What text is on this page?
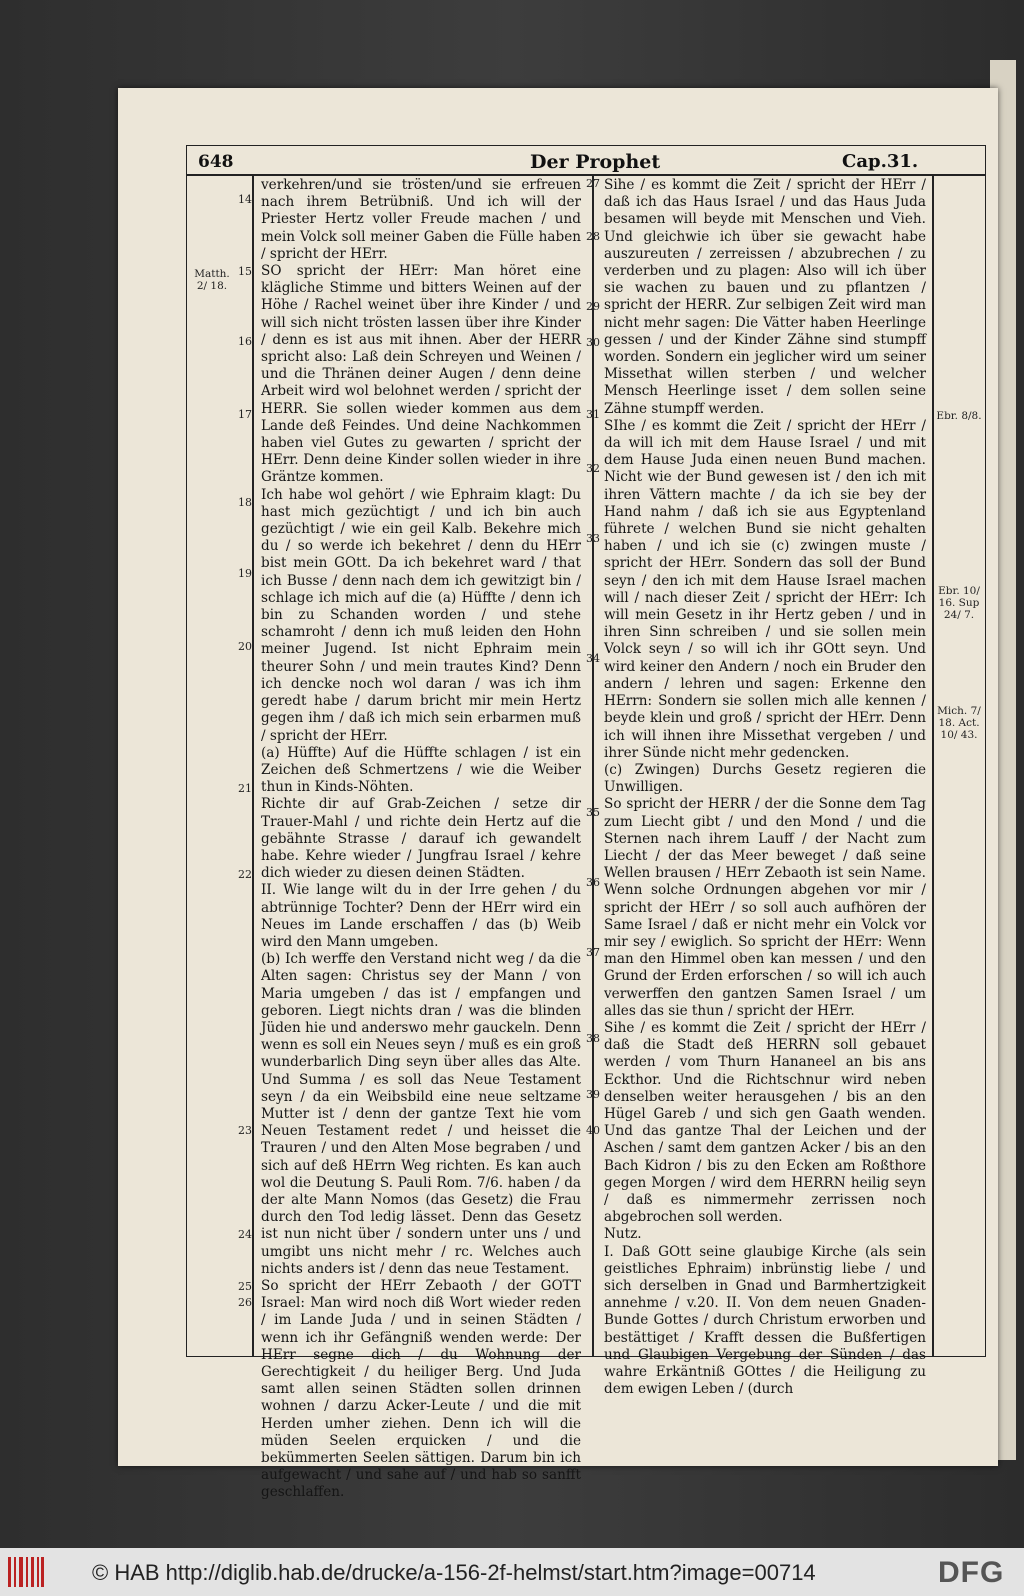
648	Der Prophet	Cap.31.
verkehren/und sie trösten/und sie erfreuen nach ihrem Betrübniß. Und ich will der Priester Hertz voller Freude machen / und mein Volck soll meiner Gaben die Fülle haben / spricht der HErr.
SO spricht der HErr: Man höret eine klägliche Stimme und bitters Weinen auf der Höhe / Rachel weinet über ihre Kinder / und will sich nicht trösten lassen über ihre Kinder / denn es ist aus mit ihnen. Aber der HERR spricht also: Laß dein Schreyen und Weinen / und die Thränen deiner Augen / denn deine Arbeit wird wol belohnet werden / spricht der HERR. Sie sollen wieder kommen aus dem Lande deß Feindes. Und deine Nachkommen haben viel Gutes zu gewarten / spricht der HErr. Denn deine Kinder sollen wieder in ihre Gräntze kommen.
Ich habe wol gehört / wie Ephraim klagt: Du hast mich gezüchtigt / und ich bin auch gezüchtigt / wie ein geil Kalb. Bekehre mich du / so werde ich bekehret / denn du HErr bist mein GOtt. Da ich bekehret ward / that ich Busse / denn nach dem ich gewitzigt bin / schlage ich mich auf die (a) Hüffte / denn ich bin zu Schanden worden / und stehe schamroht / denn ich muß leiden den Hohn meiner Jugend. Ist nicht Ephraim mein theurer Sohn / und mein trautes Kind? Denn ich dencke noch wol daran / was ich ihm geredt habe / darum bricht mir mein Hertz gegen ihm / daß ich mich sein erbarmen muß / spricht der HErr.
(a) Hüffte) Auf die Hüffte schlagen / ist ein Zeichen deß Schmertzens / wie die Weiber thun in Kinds-Nöhten.
Richte dir auf Grab-Zeichen / setze dir Trauer-Mahl / und richte dein Hertz auf die gebähnte Strasse / darauf ich gewandelt habe. Kehre wieder / Jungfrau Israel / kehre dich wieder zu diesen deinen Städten.
II. Wie lange wilt du in der Irre gehen / du abtrünnige Tochter? Denn der HErr wird ein Neues im Lande erschaffen / das (b) Weib wird den Mann umgeben.
(b) Ich werffe den Verstand nicht weg / da die Alten sagen: Christus sey der Mann / von Maria umgeben / das ist / empfangen und geboren. Liegt nichts dran / was die blinden Jüden hie und anderswo mehr gauckeln. Denn wenn es soll ein Neues seyn / muß es ein groß wunderbarlich Ding seyn über alles das Alte. Und Summa / es soll das Neue Testament seyn / da ein Weibsbild eine neue seltzame Mutter ist / denn der gantze Text hie vom Neuen Testament redet / und heisset die Trauren / und den Alten Mose begraben / und sich auf deß HErrn Weg richten. Es kan auch wol die Deutung S. Pauli Rom. 7/6. haben / da der alte Mann Nomos (das Gesetz) die Frau durch den Tod ledig lässet. Denn das Gesetz ist nun nicht über / sondern unter uns / und umgibt uns nicht mehr / rc. Welches auch nichts anders ist / denn das neue Testament.
So spricht der HErr Zebaoth / der GOTT Israel: Man wird noch diß Wort wieder reden / im Lande Juda / und in seinen Städten / wenn ich ihr Gefängniß wenden werde: Der HErr segne dich / du Wohnung der Gerechtigkeit / du heiliger Berg. Und Juda samt allen seinen Städten sollen drinnen wohnen / darzu Acker-Leute / und die mit Herden umher ziehen. Denn ich will die müden Seelen erquicken / und die bekümmerten Seelen sättigen. Darum bin ich aufgewacht / und sahe auf / und hab so sanfft geschlaffen.
Sihe / es kommt die Zeit / spricht der HErr / daß ich das Haus Israel / und das Haus Juda besamen will beyde mit Menschen und Vieh. Und gleichwie ich über sie gewacht habe auszureuten / zerreissen / abzubrechen / zu verderben und zu plagen: Also will ich über sie wachen zu bauen und zu pflantzen / spricht der HERR. Zur selbigen Zeit wird man nicht mehr sagen: Die Vätter haben Heerlinge gessen / und der Kinder Zähne sind stumpff worden. Sondern ein jeglicher wird um seiner Missethat willen sterben / und welcher Mensch Heerlinge isset / dem sollen seine Zähne stumpff werden.
SIhe / es kommt die Zeit / spricht der HErr / da will ich mit dem Hause Israel / und mit dem Hause Juda einen neuen Bund machen. Nicht wie der Bund gewesen ist / den ich mit ihren Vättern machte / da ich sie bey der Hand nahm / daß ich sie aus Egyptenland führete / welchen Bund sie nicht gehalten haben / und ich sie (c) zwingen muste / spricht der HErr. Sondern das soll der Bund seyn / den ich mit dem Hause Israel machen will / nach dieser Zeit / spricht der HErr: Ich will mein Gesetz in ihr Hertz geben / und in ihren Sinn schreiben / und sie sollen mein Volck seyn / so will ich ihr GOtt seyn. Und wird keiner den Andern / noch ein Bruder den andern / lehren und sagen: Erkenne den HErrn: Sondern sie sollen mich alle kennen / beyde klein und groß / spricht der HErr. Denn ich will ihnen ihre Missethat vergeben / und ihrer Sünde nicht mehr gedencken.
(c) Zwingen) Durchs Gesetz regieren die Unwilligen.
So spricht der HERR / der die Sonne dem Tag zum Liecht gibt / und den Mond / und die Sternen nach ihrem Lauff / der Nacht zum Liecht / der das Meer beweget / daß seine Wellen brausen / HErr Zebaoth ist sein Name. Wenn solche Ordnungen abgehen vor mir / spricht der HErr / so soll auch aufhören der Same Israel / daß er nicht mehr ein Volck vor mir sey / ewiglich. So spricht der HErr: Wenn man den Himmel oben kan messen / und den Grund der Erden erforschen / so will ich auch verwerffen den gantzen Samen Israel / um alles das sie thun / spricht der HErr.
Sihe / es kommt die Zeit / spricht der HErr / daß die Stadt deß HERRN soll gebauet werden / vom Thurn Hananeel an bis ans Eckthor. Und die Richtschnur wird neben denselben weiter herausgehen / bis an den Hügel Gareb / und sich gen Gaath wenden. Und das gantze Thal der Leichen und der Aschen / samt dem gantzen Acker / bis an den Bach Kidron / bis zu den Ecken am Roßthore gegen Morgen / wird dem HERRN heilig seyn / daß es nimmermehr zerrissen noch abgebrochen soll werden.
Nutz.
I. Daß GOtt seine glaubige Kirche (als sein geistliches Ephraim) inbrünstig liebe / und sich derselben in Gnad und Barmhertzigkeit annehme / v.20. II. Von dem neuen Gnaden-Bunde Gottes / durch Christum erworben und bestättiget / Krafft dessen die Bußfertigen und Glaubigen Vergebung der Sünden / das wahre Erkäntniß GOttes / die Heiligung zu dem ewigen Leben / (durch
14
15
16
17
18
19
20
21
22
23
24
25
26
27
28
29
30
31
32
33
34
35
36
37
38
39
40
Matth. 2/ 18.
Ebr. 8/8.
Ebr. 10/ 16. Sup 24/ 7.
Mich. 7/ 18. Act. 10/ 43.
© HAB http://diglib.hab.de/drucke/a-156-2f-helmst/start.htm?image=00714	DFG
